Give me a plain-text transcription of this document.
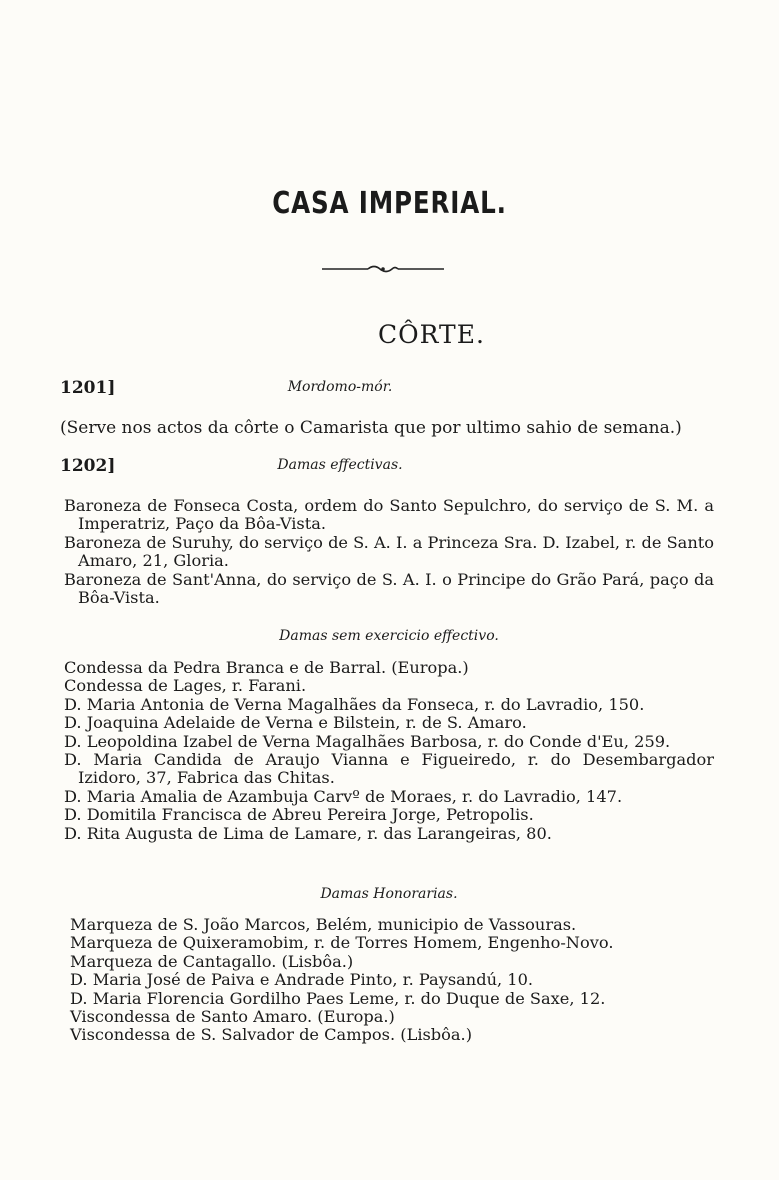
CASA IMPERIAL.
CÔRTE.
1201]	Mordomo-mór.
(Serve nos actos da côrte o Camarista que por ultimo sahio de semana.)
1202]	Damas effectivas.

Baroneza de Fonseca Costa, ordem do Santo Sepulchro, do serviço de S. M. a Imperatriz, Paço da Bôa-Vista.

Baroneza de Suruhy, do serviço de S. A. I. a Princeza Sra. D. Izabel, r. de Santo Amaro, 21, Gloria.

Baroneza de Sant'Anna, do serviço de S. A. I. o Principe do Grão Pará, paço da Bôa-Vista.

Damas sem exercicio effectivo.

Condessa da Pedra Branca e de Barral. (Europa.)

Condessa de Lages, r. Farani.

D. Maria Antonia de Verna Magalhães da Fonseca, r. do Lavradio, 150.

D. Joaquina Adelaide de Verna e Bilstein, r. de S. Amaro.

D. Leopoldina Izabel de Verna Magalhães Barbosa, r. do Conde d'Eu, 259.

D. Maria Candida de Araujo Vianna e Figueiredo, r. do Desembargador Izidoro, 37, Fabrica das Chitas.

D. Maria Amalia de Azambuja Carvº de Moraes, r. do Lavradio, 147.

D. Domitila Francisca de Abreu Pereira Jorge, Petropolis.

D. Rita Augusta de Lima de Lamare, r. das Larangeiras, 80.

Damas Honorarias.

Marqueza de S. João Marcos, Belém, municipio de Vassouras.

Marqueza de Quixeramobim, r. de Torres Homem, Engenho-Novo.

Marqueza de Cantagallo. (Lisbôa.)

D. Maria José de Paiva e Andrade Pinto, r. Paysandú, 10.

D. Maria Florencia Gordilho Paes Leme, r. do Duque de Saxe, 12.

Viscondessa de Santo Amaro. (Europa.)

Viscondessa de S. Salvador de Campos. (Lisbôa.)
